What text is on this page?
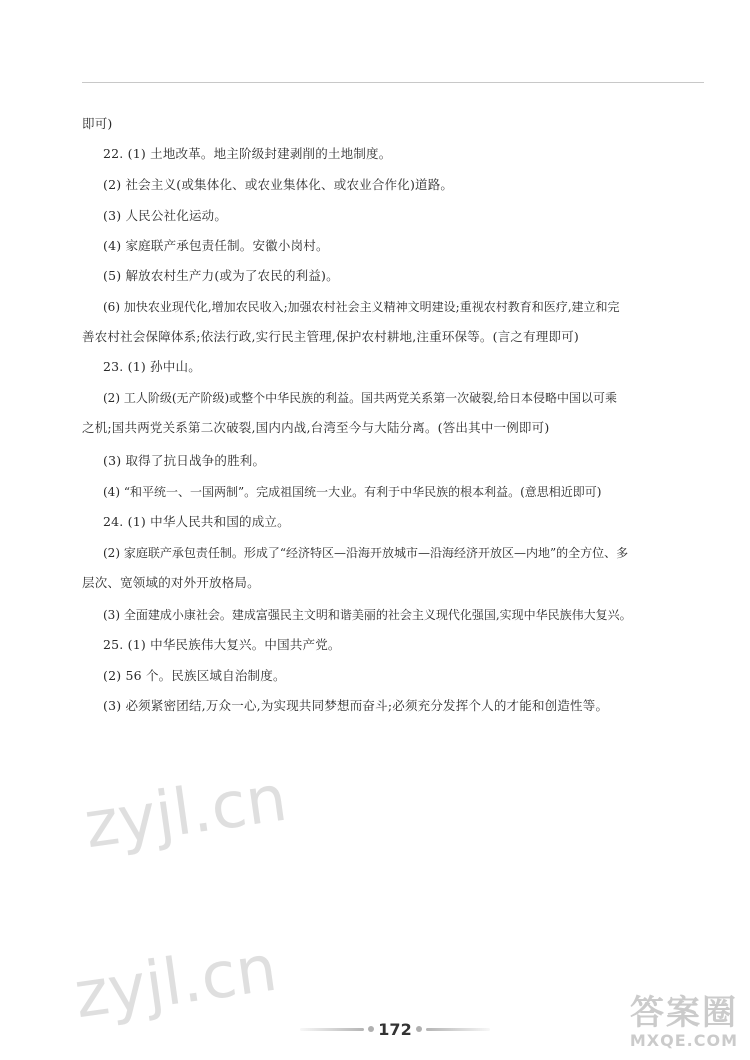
即可)
22. (1) 土地改革。地主阶级封建剥削的土地制度。
(2) 社会主义(或集体化、或农业集体化、或农业合作化)道路。
(3) 人民公社化运动。
(4) 家庭联产承包责任制。安徽小岗村。
(5) 解放农村生产力(或为了农民的利益)。
(6) 加快农业现代化,增加农民收入;加强农村社会主义精神文明建设;重视农村教育和医疗,建立和完
善农村社会保障体系;依法行政,实行民主管理,保护农村耕地,注重环保等。(言之有理即可)
23. (1) 孙中山。
(2) 工人阶级(无产阶级)或整个中华民族的利益。国共两党关系第一次破裂,给日本侵略中国以可乘
之机;国共两党关系第二次破裂,国内内战,台湾至今与大陆分离。(答出其中一例即可)
(3) 取得了抗日战争的胜利。
(4) “和平统一、一国两制”。完成祖国统一大业。有利于中华民族的根本利益。(意思相近即可)
24. (1) 中华人民共和国的成立。
(2) 家庭联产承包责任制。形成了“经济特区—沿海开放城市—沿海经济开放区—内地”的全方位、多
层次、宽领域的对外开放格局。
(3) 全面建成小康社会。建成富强民主文明和谐美丽的社会主义现代化强国,实现中华民族伟大复兴。
25. (1) 中华民族伟大复兴。中国共产党。
(2) 56 个。民族区域自治制度。
(3) 必须紧密团结,万众一心,为实现共同梦想而奋斗;必须充分发挥个人的才能和创造性等。
zyjl.cn
zyjl.cn	答案圈
MXQE.COM
172
